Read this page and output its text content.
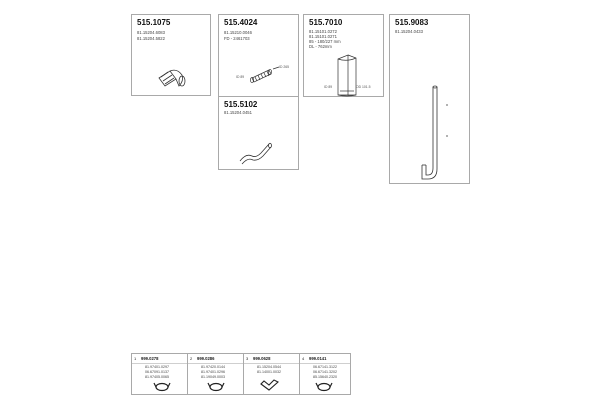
515.1075
81.15204.6083
81.15204.5822
515.4024
81.15210.0046
FD - 2461703
ID 265
ID 89
515.7010
81.15101.0272
81.15101.0271
85 - 180/227 mm
DL - 762mm
ID 89	OD 101.5
515.9083
81.15204.0433
515.5102
81.15204.0451
1 999.0278
81.97401.0297
06.67091.0137
81.97405.0065
2 999.0286
81.97420.0144
81.97401.0296
81.19049.0003
3 999.0628
81.15204.0544
81.14001.0032
4 999.0141
06.67141.3122
06.67141.3202
85.15640.2320
